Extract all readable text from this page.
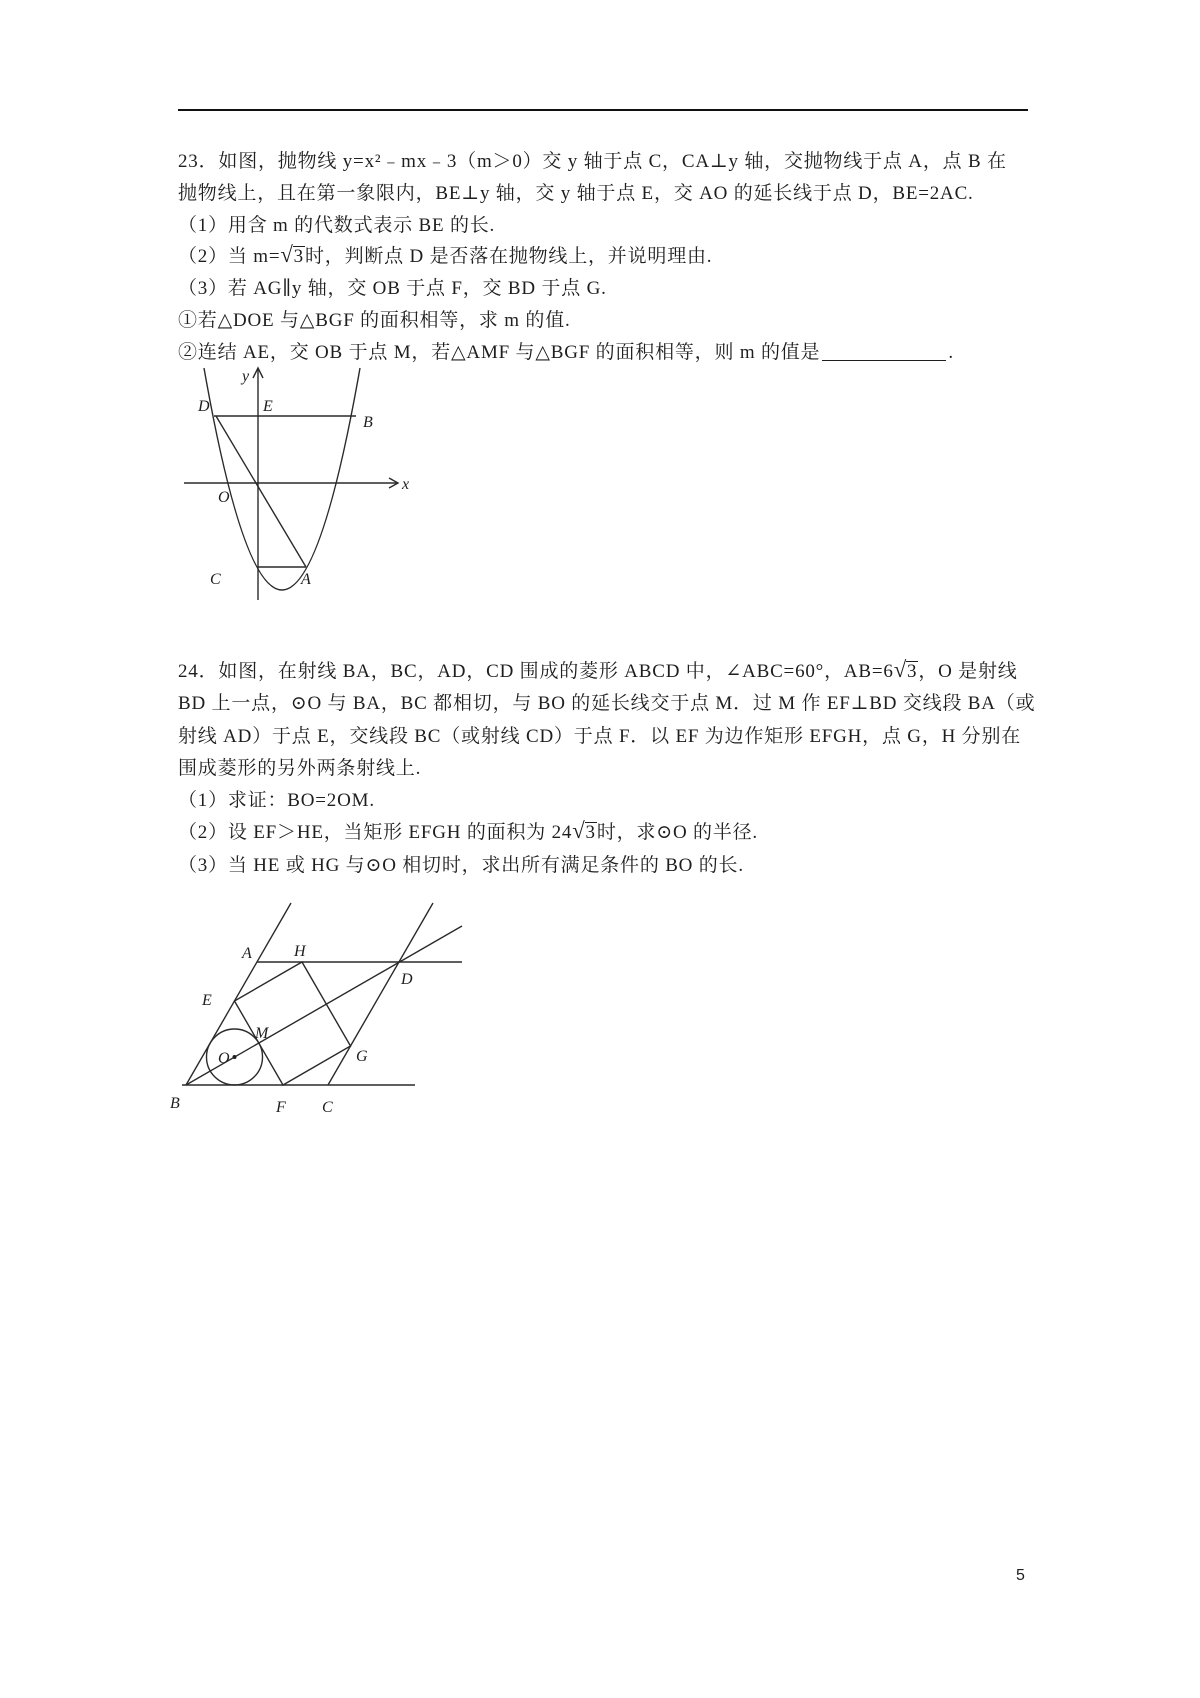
23．如图，抛物线 y=x²﹣mx﹣3（m＞0）交 y 轴于点 C，CA⊥y 轴，交抛物线于点 A，点 B 在
抛物线上，且在第一象限内，BE⊥y 轴，交 y 轴于点 E，交 AO 的延长线于点 D，BE=2AC.
（1）用含 m 的代数式表示 BE 的长.
（2）当 m=√3时，判断点 D 是否落在抛物线上，并说明理由.
（3）若 AG∥y 轴，交 OB 于点 F，交 BD 于点 G.
①若△DOE 与△BGF 的面积相等，求 m 的值.
②连结 AE，交 OB 于点 M，若△AMF 与△BGF 的面积相等，则 m 的值是	.
y
x
D	E
B
O
C	A
24．如图，在射线 BA，BC，AD，CD 围成的菱形 ABCD 中，∠ABC=60°，AB=6√3，O 是射线
BD 上一点，⊙O 与 BA，BC 都相切，与 BO 的延长线交于点 M．过 M 作 EF⊥BD 交线段 BA（或
射线 AD）于点 E，交线段 BC（或射线 CD）于点 F．以 EF 为边作矩形 EFGH，点 G，H 分别在
围成菱形的另外两条射线上.
（1）求证：BO=2OM.
（2）设 EF＞HE，当矩形 EFGH 的面积为 24√3时，求⊙O 的半径.
（3）当 HE 或 HG 与⊙O 相切时，求出所有满足条件的 BO 的长.
A	H
D
E
M
O	G
B	F C
5
